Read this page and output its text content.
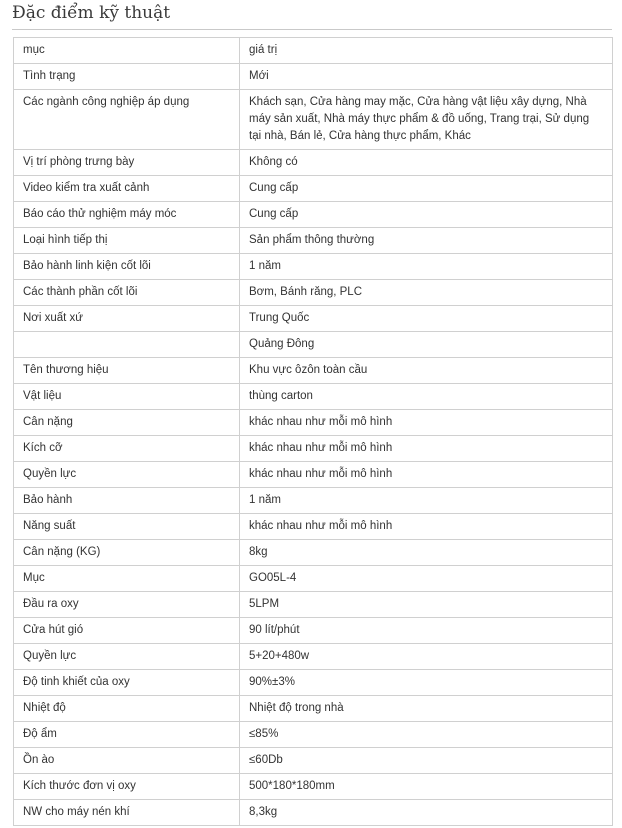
Đặc điểm kỹ thuật
mục	giá trị
Tình trạng	Mới
Các ngành công nghiệp áp dụng	Khách sạn, Cửa hàng may mặc, Cửa hàng vật liệu xây dựng, Nhà máy sản xuất, Nhà máy thực phẩm & đồ uống, Trang trại, Sử dụng tại nhà, Bán lẻ, Cửa hàng thực phẩm, Khác
Vị trí phòng trưng bày	Không có
Video kiểm tra xuất cảnh	Cung cấp
Báo cáo thử nghiệm máy móc	Cung cấp
Loại hình tiếp thị	Sản phẩm thông thường
Bảo hành linh kiện cốt lõi	1 năm
Các thành phần cốt lõi	Bơm, Bánh răng, PLC
Nơi xuất xứ	Trung Quốc
	Quảng Đông
Tên thương hiệu	Khu vực ôzôn toàn cầu
Vật liệu	thùng carton
Cân nặng	khác nhau như mỗi mô hình
Kích cỡ	khác nhau như mỗi mô hình
Quyền lực	khác nhau như mỗi mô hình
Bảo hành	1 năm
Năng suất	khác nhau như mỗi mô hình
Cân nặng (KG)	8kg
Mục	GO05L-4
Đầu ra oxy	5LPM
Cửa hút gió	90 lít/phút
Quyền lực	5+20+480w
Độ tinh khiết của oxy	90%±3%
Nhiệt độ	Nhiệt độ trong nhà
Độ ẩm	≤85%
Ồn ào	≤60Db
Kích thước đơn vị oxy	500*180*180mm
NW cho máy nén khí	8,3kg
